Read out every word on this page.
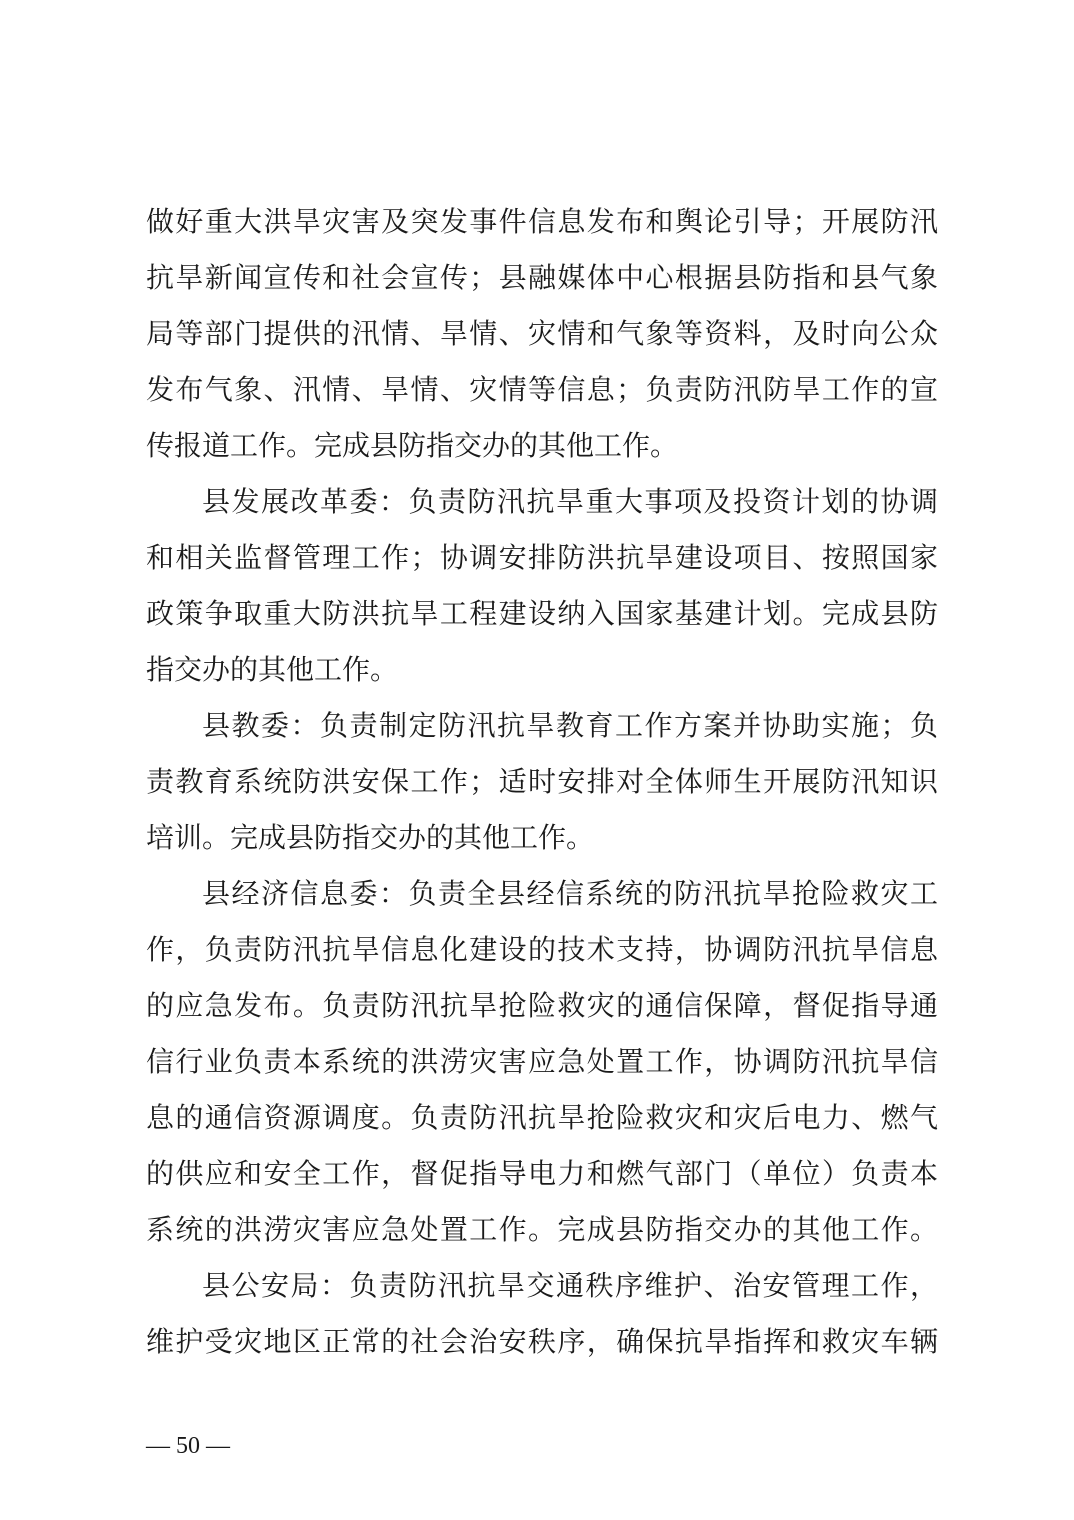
做好重大洪旱灾害及突发事件信息发布和舆论引导；开展防汛
抗旱新闻宣传和社会宣传；县融媒体中心根据县防指和县气象
局等部门提供的汛情、旱情、灾情和气象等资料，及时向公众
发布气象、汛情、旱情、灾情等信息；负责防汛防旱工作的宣
传报道工作。完成县防指交办的其他工作。
县发展改革委：负责防汛抗旱重大事项及投资计划的协调
和相关监督管理工作；协调安排防洪抗旱建设项目、按照国家
政策争取重大防洪抗旱工程建设纳入国家基建计划。完成县防
指交办的其他工作。
县教委：负责制定防汛抗旱教育工作方案并协助实施；负
责教育系统防洪安保工作；适时安排对全体师生开展防汛知识
培训。完成县防指交办的其他工作。
县经济信息委：负责全县经信系统的防汛抗旱抢险救灾工
作，负责防汛抗旱信息化建设的技术支持，协调防汛抗旱信息
的应急发布。负责防汛抗旱抢险救灾的通信保障，督促指导通
信行业负责本系统的洪涝灾害应急处置工作，协调防汛抗旱信
息的通信资源调度。负责防汛抗旱抢险救灾和灾后电力、燃气
的供应和安全工作，督促指导电力和燃气部门（单位）负责本
系统的洪涝灾害应急处置工作。完成县防指交办的其他工作。
县公安局：负责防汛抗旱交通秩序维护、治安管理工作，
维护受灾地区正常的社会治安秩序，确保抗旱指挥和救灾车辆
— 50 —
